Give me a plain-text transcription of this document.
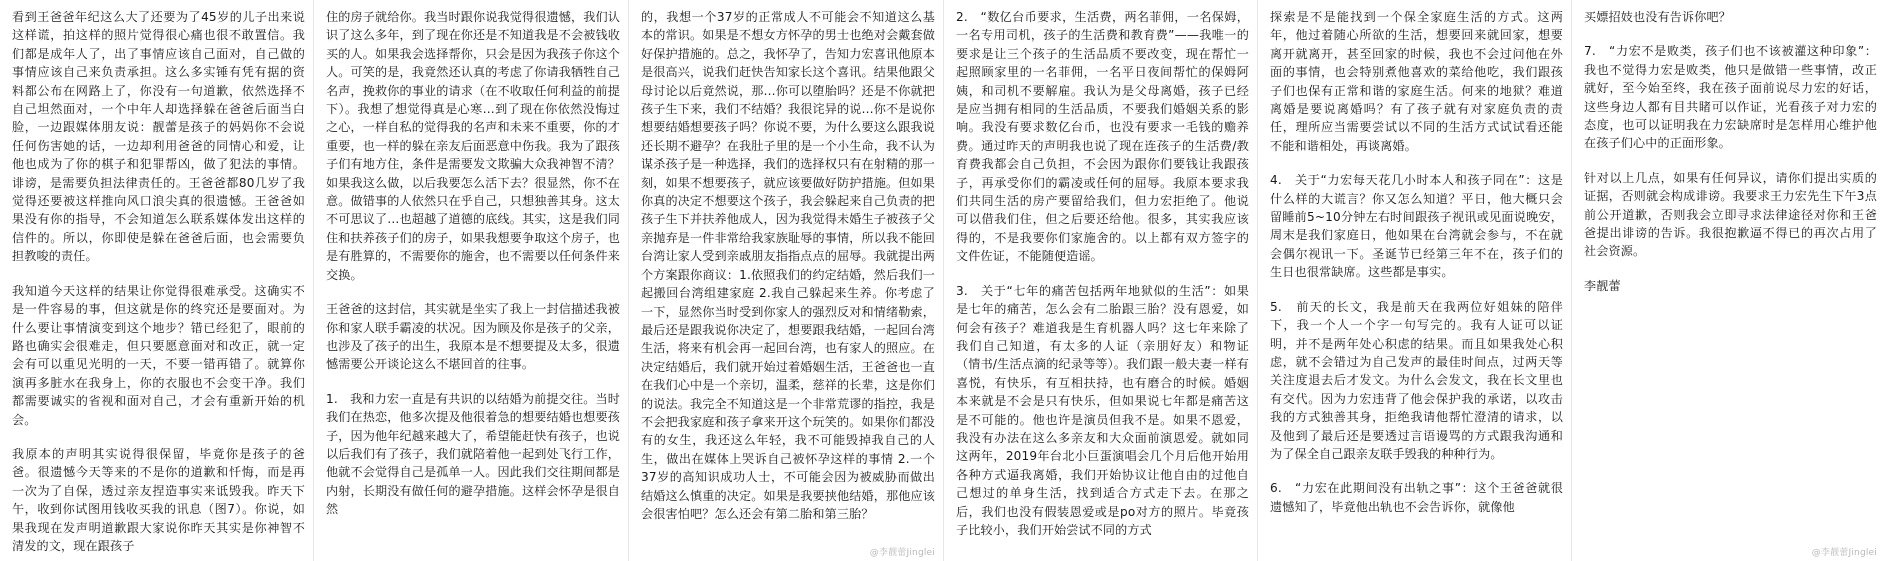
看到王爸爸年纪这么大了还要为了45岁的儿子出来说这样谎，拍这样的照片觉得很心痛也很不敢置信。我们都是成年人了，出了事情应该自己面对，自己做的事情应该自己来负责承担。这么多实锤有凭有据的资料都公布在网路上了，你没有一句道歉，依然选择不自己坦然面对，一个中年人却选择躲在爸爸后面当白脸，一边跟媒体朋友说：靓蕾是孩子的妈妈你不会说任何伤害她的话，一边却利用爸爸的同情心和爱，让他也成为了你的棋子和犯罪帮凶，做了犯法的事情。诽谤，是需要负担法律责任的。王爸爸都80几岁了我觉得还要被这样推向风口浪尖真的很遗憾。王爸爸如果没有你的指导，不会知道怎么联系媒体发出这样的信件的。所以，你即使是躲在爸爸后面，也会需要负担教唆的责任。

我知道今天这样的结果让你觉得很难承受。这确实不是一件容易的事，但这就是你的终究还是要面对。为什么要让事情演变到这个地步？错已经犯了，眼前的路也确实会很难走，但只要愿意面对和改正，就一定会有可以重见光明的一天，不要一错再错了。就算你演再多脏水在我身上，你的衣服也不会变干净。我们都需要诚实的省视和面对自己，才会有重新开始的机会。

我原本的声明其实说得很保留，毕竟你是孩子的爸爸。很遗憾今天等来的不是你的道歉和忏悔，而是再一次为了自保，透过亲友捏造事实来诋毁我。昨天下午，收到你试图用钱收买我的讯息（图7）。你说，如果我现在发声明道歉跟大家说你昨天其实是你神智不清发的文，现在跟孩子

住的房子就给你。我当时跟你说我觉得很遗憾，我们认识了这么多年，到了现在你还是不知道我是不会被钱收买的人。如果我会选择帮你，只会是因为我孩子你这个人。可笑的是，我竟然还认真的考虑了你请我牺牲自己名声，挽救你的事业的请求（在不收取任何利益的前提下）。我想了想觉得真是心寒…到了现在你依然没悔过之心，一样自私的觉得我的名声和未来不重要，你的才重要，也一样的躲在亲友后面恶意中伤我。我为了跟孩子们有地方住，条件是需要发文欺骗大众我神智不清？如果我这么做，以后我要怎么活下去？很显然，你不在意。做错事的人依然只在乎自己，只想独善其身。这太不可思议了…也超越了道德的底线。其实，这是我们同住和扶养孩子们的房子，如果我想要争取这个房子，也是有胜算的，不需要你的施舍，也不需要以任何条件来交换。

王爸爸的这封信，其实就是坐实了我上一封信描述我被你和家人联手霸凌的状况。因为顾及你是孩子的父亲，也涉及了孩子的出生，我原本是不想要提及太多，很遗憾需要公开谈论这么不堪回首的往事。

1.　我和力宏一直是有共识的以结婚为前提交往。当时我们在热恋，他多次提及他很着急的想要结婚也想要孩子，因为他年纪越来越大了，希望能赶快有孩子，也说以后我们有了孩子，我们就陪着他一起到处飞行工作，他就不会觉得自己是孤单一人。因此我们交往期间都是内射，长期没有做任何的避孕措施。这样会怀孕是很自然

的，我想一个37岁的正常成人不可能会不知道这么基本的常识。如果是不想女方怀孕的男士也绝对会戴套做好保护措施的。总之，我怀孕了，告知力宏喜讯他原本是很高兴，说我们赶快告知家长这个喜讯。结果他跟父母讨论以后竟然说，那…你可以堕胎吗？还是不你就把孩子生下来，我们不结婚？我很诧异的说…你不是说你想要结婚想要孩子吗？你说不要，为什么要这么跟我说还长期不避孕？在我肚子里的是一个小生命，我不认为谋杀孩子是一种选择，我们的选择权只有在射精的那一刻，如果不想要孩子，就应该要做好防护措施。但如果你真的决定不想要这个孩子，我会躲起来自己负责的把孩子生下并扶养他成人，因为我觉得未婚生子被孩子父亲抛弃是一件非常给我家族耻辱的事情，所以我不能回台湾让家人受到亲戚朋友指指点点的屈辱。我就提出两个方案跟你商议：1.依照我们的约定结婚，然后我们一起搬回台湾组建家庭 2.我自己躲起来生养。你考虑了一下，显然你当时受到你家人的强烈反对和情绪勒索，最后还是跟我说你决定了，想要跟我结婚，一起回台湾生活，将来有机会再一起回台湾，也有家人的照应。在决定结婚后，我们就开始过着婚姻生活，王爸爸也一直在我们心中是一个亲切，温柔，慈祥的长辈，这是你们的说法。我完全不知道这是一个非常荒谬的指控，我是不会把我家庭和孩子拿来开这个玩笑的。如果你们都没有的女生，我还这么年轻，我不可能毁掉我自己的人生，做出在媒体上哭诉自己被怀孕这样的事情 2.一个37岁的高知识成功人士，不可能会因为被威胁而做出结婚这么慎重的决定。如果是我要挟他结婚，那他应该会很害怕吧？怎么还会有第二胎和第三胎？

@李靓蕾Jinglei

2.　“数亿台币要求，生活费，两名菲佣，一名保姆，一名专用司机，孩子的生活费和教育费”——我唯一的要求是让三个孩子的生活品质不要改变，现在帮忙一起照顾家里的一名菲佣，一名平日夜间帮忙的保姆阿姨，和司机不要解雇。我认为是父母离婚，孩子已经是应当拥有相同的生活品质，不要我们婚姻关系的影响。我没有要求数亿台币，也没有要求一毛钱的赡养费。通过昨天的声明我也说了现在连孩子的生活费/教育费我都会自己负担，不会因为跟你们要钱让我跟孩子，再承受你们的霸凌或任何的屈辱。我原本要求我们共同生活的房产要留给我们，但力宏拒绝了。他说可以借我们住，但之后要还给他。很多，其实我应该得的，不是我要你们家施舍的。以上都有双方签字的文件佐证，不能随便造谣。

3.　关于“七年的痛苦包括两年地狱似的生活”：如果是七年的痛苦，怎么会有二胎跟三胎？没有恩爱，如何会有孩子？难道我是生育机器人吗？这七年来除了我们自己知道，有太多的人证（亲朋好友）和物证（情书/生活点滴的纪录等等）。我们跟一般夫妻一样有喜悦，有快乐，有互相扶持，也有磨合的时候。婚姻本来就是不会是只有快乐，但如果说七年都是痛苦这是不可能的。他也许是演员但我不是。如果不恩爱，我没有办法在这么多亲友和大众面前演恩爱。就如同这两年，2019年台北小巨蛋演唱会几个月后他开始用各种方式逼我离婚，我们开始协议让他自由的过他自己想过的单身生活，找到适合方式走下去。在那之后，我们也没有假装恩爱或是po对方的照片。毕竟孩子比较小，我们开始尝试不同的方式

探索是不是能找到一个保全家庭生活的方式。这两年，他过着随心所欲的生活，想要回来就回家，想要离开就离开，甚至回家的时候，我也不会过问他在外面的事情，也会特别煮他喜欢的菜给他吃，我们跟孩子们也保有正常和谐的家庭生活。何来的地狱？难道离婚是要说离婚吗？有了孩子就有对家庭负责的责任，理所应当需要尝试以不同的生活方式试试看还能不能和谐相处，再谈离婚。

4.　关于“力宏每天花几小时本人和孩子同在”：这是什么样的大谎言？你又怎么知道？平日，他大概只会留睡前5~10分钟左右时间跟孩子视讯或见面说晚安，周末是我们家庭日，他如果在台湾就会参与，不在就会偶尔视讯一下。圣诞节已经第三年不在，孩子们的生日也很常缺席。这些都是事实。

5.　前天的长文，我是前天在我两位好姐妹的陪伴下，我一个人一个字一句写完的。我有人证可以证明，并不是两年处心积虑的结果。而且如果我处心积虑，就不会错过为自己发声的最佳时间点，过两天等关注度退去后才发文。为什么会发文，我在长文里也有交代。因为力宏违背了他会保护我的承诺，以攻击我的方式独善其身，拒绝我请他帮忙澄清的请求，以及他到了最后还是要透过言语谩骂的方式跟我沟通和为了保全自己跟亲友联手毁我的种种行为。

6.　“力宏在此期间没有出轨之事”：这个王爸爸就很遗憾知了，毕竟他出轨也不会告诉你，就像他

买嫖招妓也没有告诉你吧？

7.　“力宏不是败类，孩子们也不该被灌这种印象”：我也不觉得力宏是败类，他只是做错一些事情，改正就好，至今始至终，我在孩子面前说尽力宏的好话，这些身边人都有目共睹可以作证，光看孩子对力宏的态度，也可以证明我在力宏缺席时是怎样用心维护他在孩子们心中的正面形象。

针对以上几点，如果有任何异议，请你们提出实质的证据，否则就会构成诽谤。我要求王力宏先生下午3点前公开道歉，否则我会立即寻求法律途径对你和王爸爸提出诽谤的告诉。我很抱歉逼不得已的再次占用了社会资源。

李靓蕾

@李靓蕾Jinglei
